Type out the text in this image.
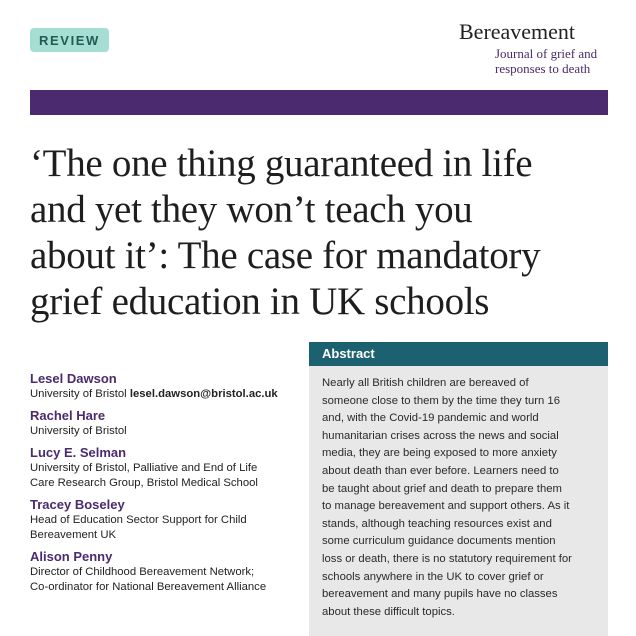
REVIEW	Bereavement
Journal of grief and
responses to death
‘The one thing guaranteed in life
and yet they won’t teach you
about it’: The case for mandatory
grief education in UK schools
Lesel Dawson
University of Bristol lesel.dawson@bristol.ac.uk
Rachel Hare
University of Bristol
Lucy E. Selman
University of Bristol, Palliative and End of Life
Care Research Group, Bristol Medical School
Tracey Boseley
Head of Education Sector Support for Child
Bereavement UK
Alison Penny
Director of Childhood Bereavement Network;
Co-ordinator for National Bereavement Alliance
Abstract
Nearly all British children are bereaved of
someone close to them by the time they turn 16
and, with the Covid-19 pandemic and world
humanitarian crises across the news and social
media, they are being exposed to more anxiety
about death than ever before. Learners need to
be taught about grief and death to prepare them
to manage bereavement and support others. As it
stands, although teaching resources exist and
some curriculum guidance documents mention
loss or death, there is no statutory requirement for
schools anywhere in the UK to cover grief or
bereavement and many pupils have no classes
about these difficult topics.
